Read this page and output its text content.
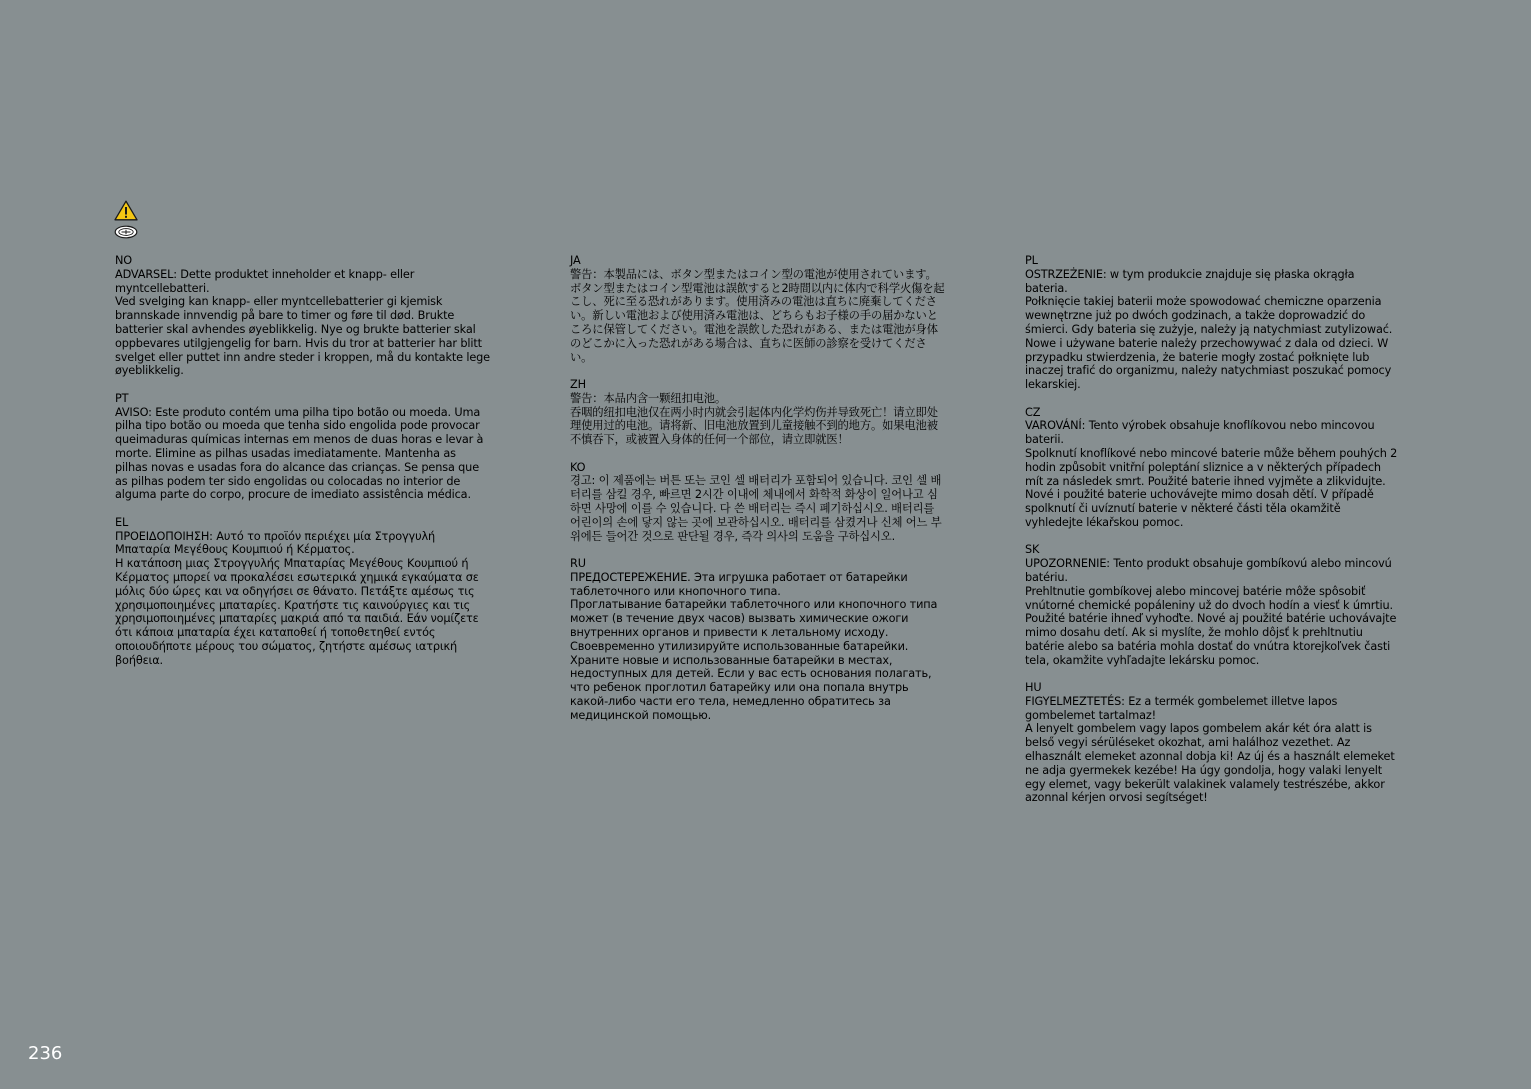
NO

ADVARSEL: Dette produktet inneholder et knapp- eller myntcellebatteri.

Ved svelging kan knapp- eller myntcellebatterier gi kjemisk brannskade innvendig på bare to timer og føre til død. Brukte batterier skal avhendes øyeblikkelig. Nye og brukte batterier skal oppbevares utilgjengelig for barn. Hvis du tror at batterier har blitt svelget eller puttet inn andre steder i kroppen, må du kontakte lege øyeblikkelig.

PT

AVISO: Este produto contém uma pilha tipo botão ou moeda. Uma pilha tipo botão ou moeda que tenha sido engolida pode provocar queimaduras químicas internas em menos de duas horas e levar à morte. Elimine as pilhas usadas imediatamente. Mantenha as pilhas novas e usadas fora do alcance das crianças. Se pensa que as pilhas podem ter sido engolidas ou colocadas no interior de alguma parte do corpo, procure de imediato assistência médica.

EL

ΠΡΟΕΙΔΟΠΟΙΗΣΗ: Αυτό το προϊόν περιέχει μία Στρογγυλή Μπαταρία Μεγέθους Κουμπιού ή Κέρματος.

Η κατάποση μιας Στρογγυλής Μπαταρίας Μεγέθους Κουμπιού ή Κέρματος μπορεί να προκαλέσει εσωτερικά χημικά εγκαύματα σε μόλις δύο ώρες και να οδηγήσει σε θάνατο. Πετάξτε αμέσως τις χρησιμοποιημένες μπαταρίες. Κρατήστε τις καινούργιες και τις χρησιμοποιημένες μπαταρίες μακριά από τα παιδιά. Εάν νομίζετε ότι κάποια μπαταρία έχει καταποθεί ή τοποθετηθεί εντός οποιουδήποτε μέρους του σώματος, ζητήστε αμέσως ιατρική βοήθεια.

JA

警告：本製品には、ボタン型またはコイン型の電池が使用されています。

ボタン型またはコイン型電池は誤飲すると2時間以内に体内で科学火傷を起こし、死に至る恐れがあります。使用済みの電池は直ちに廃棄してください。新しい電池および使用済み電池は、どちらもお子様の手の届かないところに保管してください。電池を誤飲した恐れがある、または電池が身体のどこかに入った恐れがある場合は、直ちに医師の診察を受けてください。

ZH

警告：本品内含一颗纽扣电池。

吞咽的纽扣电池仅在两小时内就会引起体内化学灼伤并导致死亡！请立即处理使用过的电池。请将新、旧电池放置到儿童接触不到的地方。如果电池被不慎吞下，或被置入身体的任何一个部位，请立即就医！

KO

경고: 이 제품에는 버튼 또는 코인 셀 배터리가 포함되어 있습니다. 코인 셀 배터리를 삼킬 경우, 빠르면 2시간 이내에 체내에서 화학적 화상이 일어나고 심하면 사망에 이를 수 있습니다. 다 쓴 배터리는 즉시 폐기하십시오. 배터리를 어린이의 손에 닿지 않는 곳에 보관하십시오. 배터리를 삼켰거나 신체 어느 부위에든 들어간 것으로 판단될 경우, 즉각 의사의 도움을 구하십시오.

RU

ПРЕДОСТЕРЕЖЕНИЕ. Эта игрушка работает от батарейки таблеточного или кнопочного типа.

Проглатывание батарейки таблеточного или кнопочного типа может (в течение двух часов) вызвать химические ожоги внутренних органов и привести к летальному исходу. Своевременно утилизируйте использованные батарейки. Храните новые и использованные батарейки в местах, недоступных для детей. Если у вас есть основания полагать, что ребенок проглотил батарейку или она попала внутрь какой-либо части его тела, немедленно обратитесь за медицинской помощью.

PL

OSTRZEŻENIE: w tym produkcie znajduje się płaska okrągła bateria.

Połknięcie takiej baterii może spowodować chemiczne oparzenia wewnętrzne już po dwóch godzinach, a także doprowadzić do śmierci. Gdy bateria się zużyje, należy ją natychmiast zutylizować. Nowe i używane baterie należy przechowywać z dala od dzieci. W przypadku stwierdzenia, że baterie mogły zostać połknięte lub inaczej trafić do organizmu, należy natychmiast poszukać pomocy lekarskiej.

CZ

VAROVÁNÍ: Tento výrobek obsahuje knoflíkovou nebo mincovou baterii.

Spolknutí knoflíkové nebo mincové baterie může během pouhých 2 hodin způsobit vnitřní poleptání sliznice a v některých případech mít za následek smrt. Použité baterie ihned vyjměte a zlikvidujte. Nové i použité baterie uchovávejte mimo dosah dětí. V případě spolknutí či uvíznutí baterie v některé části těla okamžitě vyhledejte lékařskou pomoc.

SK

UPOZORNENIE: Tento produkt obsahuje gombíkovú alebo mincovú batériu.

Prehltnutie gombíkovej alebo mincovej batérie môže spôsobiť vnútorné chemické popáleniny už do dvoch hodín a viesť k úmrtiu. Použité batérie ihneď vyhoďte. Nové aj použité batérie uchovávajte mimo dosahu detí. Ak si myslíte, že mohlo dôjsť k prehltnutiu batérie alebo sa batéria mohla dostať do vnútra ktorejkoľvek časti tela, okamžite vyhľadajte lekársku pomoc.

HU

FIGYELMEZTETÉS: Ez a termék gombelemet illetve lapos gombelemet tartalmaz!

A lenyelt gombelem vagy lapos gombelem akár két óra alatt is belső vegyi sérüléseket okozhat, ami halálhoz vezethet. Az elhasznált elemeket azonnal dobja ki! Az új és a használt elemeket ne adja gyermekek kezébe! Ha úgy gondolja, hogy valaki lenyelt egy elemet, vagy bekerült valakinek valamely testrészébe, akkor azonnal kérjen orvosi segítséget!

236
